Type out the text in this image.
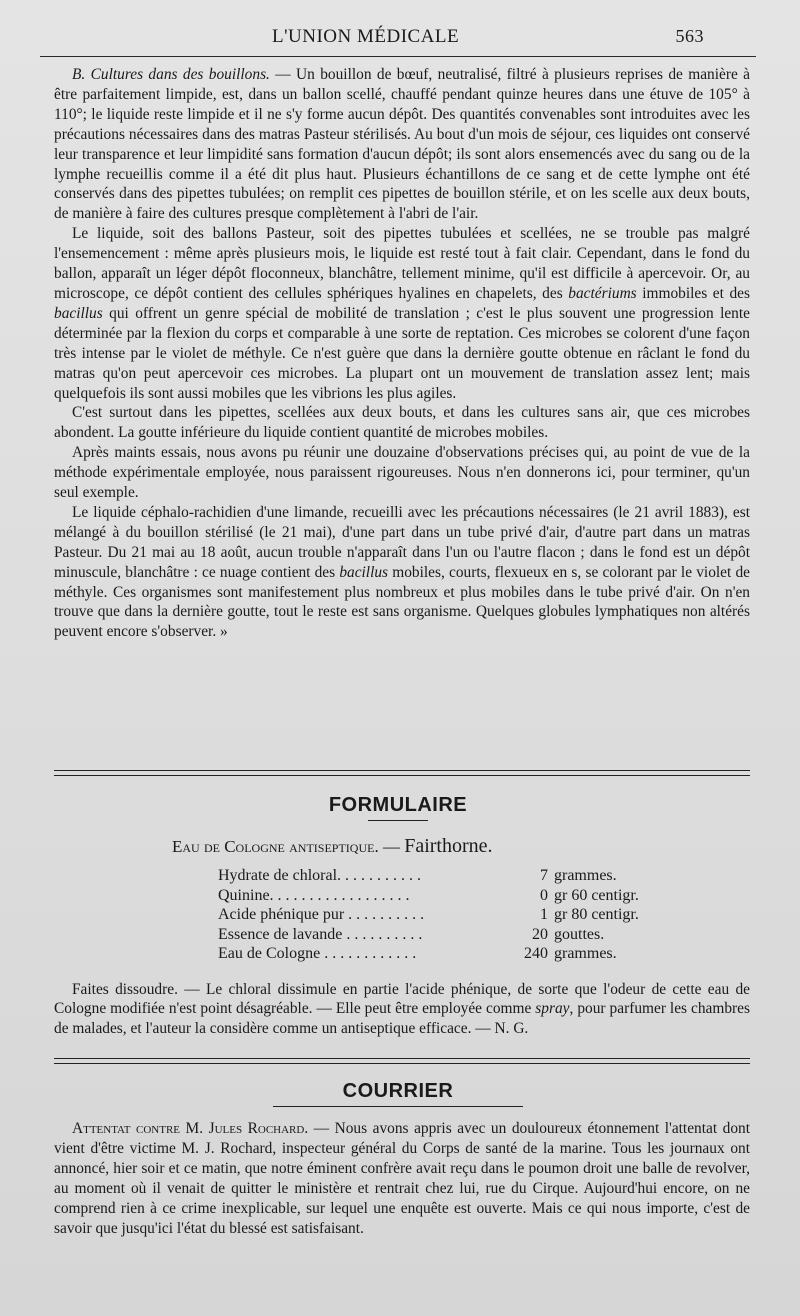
L'UNION MÉDICALE	563

B. Cultures dans des bouillons. — Un bouillon de bœuf, neutralisé, filtré à plusieurs reprises de manière à être parfaitement limpide, est, dans un ballon scellé, chauffé pendant quinze heures dans une étuve de 105° à 110°; le liquide reste limpide et il ne s'y forme aucun dépôt. Des quantités convenables sont introduites avec les précautions nécessaires dans des matras Pasteur stérilisés. Au bout d'un mois de séjour, ces liquides ont conservé leur transparence et leur limpidité sans formation d'aucun dépôt; ils sont alors ensemencés avec du sang ou de la lymphe recueillis comme il a été dit plus haut. Plusieurs échantillons de ce sang et de cette lymphe ont été conservés dans des pipettes tubulées; on remplit ces pipettes de bouillon stérile, et on les scelle aux deux bouts, de manière à faire des cultures presque complètement à l'abri de l'air.

Le liquide, soit des ballons Pasteur, soit des pipettes tubulées et scellées, ne se trouble pas malgré l'ensemencement : même après plusieurs mois, le liquide est resté tout à fait clair. Cependant, dans le fond du ballon, apparaît un léger dépôt floconneux, blanchâtre, tellement minime, qu'il est difficile à apercevoir. Or, au microscope, ce dépôt contient des cellules sphériques hyalines en chapelets, des bactériums immobiles et des bacillus qui offrent un genre spécial de mobilité de translation ; c'est le plus souvent une progression lente déterminée par la flexion du corps et comparable à une sorte de reptation. Ces microbes se colorent d'une façon très intense par le violet de méthyle. Ce n'est guère que dans la dernière goutte obtenue en râclant le fond du matras qu'on peut apercevoir ces microbes. La plupart ont un mouvement de translation assez lent; mais quelquefois ils sont aussi mobiles que les vibrions les plus agiles.

C'est surtout dans les pipettes, scellées aux deux bouts, et dans les cultures sans air, que ces microbes abondent. La goutte inférieure du liquide contient quantité de microbes mobiles.

Après maints essais, nous avons pu réunir une douzaine d'observations précises qui, au point de vue de la méthode expérimentale employée, nous paraissent rigoureuses. Nous n'en donnerons ici, pour terminer, qu'un seul exemple.

Le liquide céphalo-rachidien d'une limande, recueilli avec les précautions nécessaires (le 21 avril 1883), est mélangé à du bouillon stérilisé (le 21 mai), d'une part dans un tube privé d'air, d'autre part dans un matras Pasteur. Du 21 mai au 18 août, aucun trouble n'apparaît dans l'un ou l'autre flacon ; dans le fond est un dépôt minuscule, blanchâtre : ce nuage contient des bacillus mobiles, courts, flexueux en s, se colorant par le violet de méthyle. Ces organismes sont manifestement plus nombreux et plus mobiles dans le tube privé d'air. On n'en trouve que dans la dernière goutte, tout le reste est sans organisme. Quelques globules lymphatiques non altérés peuvent encore s'observer. »

FORMULAIRE

Eau de Cologne antiseptique. — Fairthorne.

Hydrate de chloral. . . . . . . . . . .	7 grammes.
Quinine. . . . . . . . . . . . . . . . . .	0 gr 60 centigr.
Acide phénique pur . . . . . . . . . .	1 gr 80 centigr.
Essence de lavande . . . . . . . . . .	20 gouttes.
Eau de Cologne . . . . . . . . . . . .	240 grammes.

Faites dissoudre. — Le chloral dissimule en partie l'acide phénique, de sorte que l'odeur de cette eau de Cologne modifiée n'est point désagréable. — Elle peut être employée comme spray, pour parfumer les chambres de malades, et l'auteur la considère comme un antiseptique efficace. — N. G.

COURRIER

Attentat contre M. Jules Rochard. — Nous avons appris avec un douloureux étonnement l'attentat dont vient d'être victime M. J. Rochard, inspecteur général du Corps de santé de la marine. Tous les journaux ont annoncé, hier soir et ce matin, que notre éminent confrère avait reçu dans le poumon droit une balle de revolver, au moment où il venait de quitter le ministère et rentrait chez lui, rue du Cirque. Aujourd'hui encore, on ne comprend rien à ce crime inexplicable, sur lequel une enquête est ouverte. Mais ce qui nous importe, c'est de savoir que jusqu'ici l'état du blessé est satisfaisant.
